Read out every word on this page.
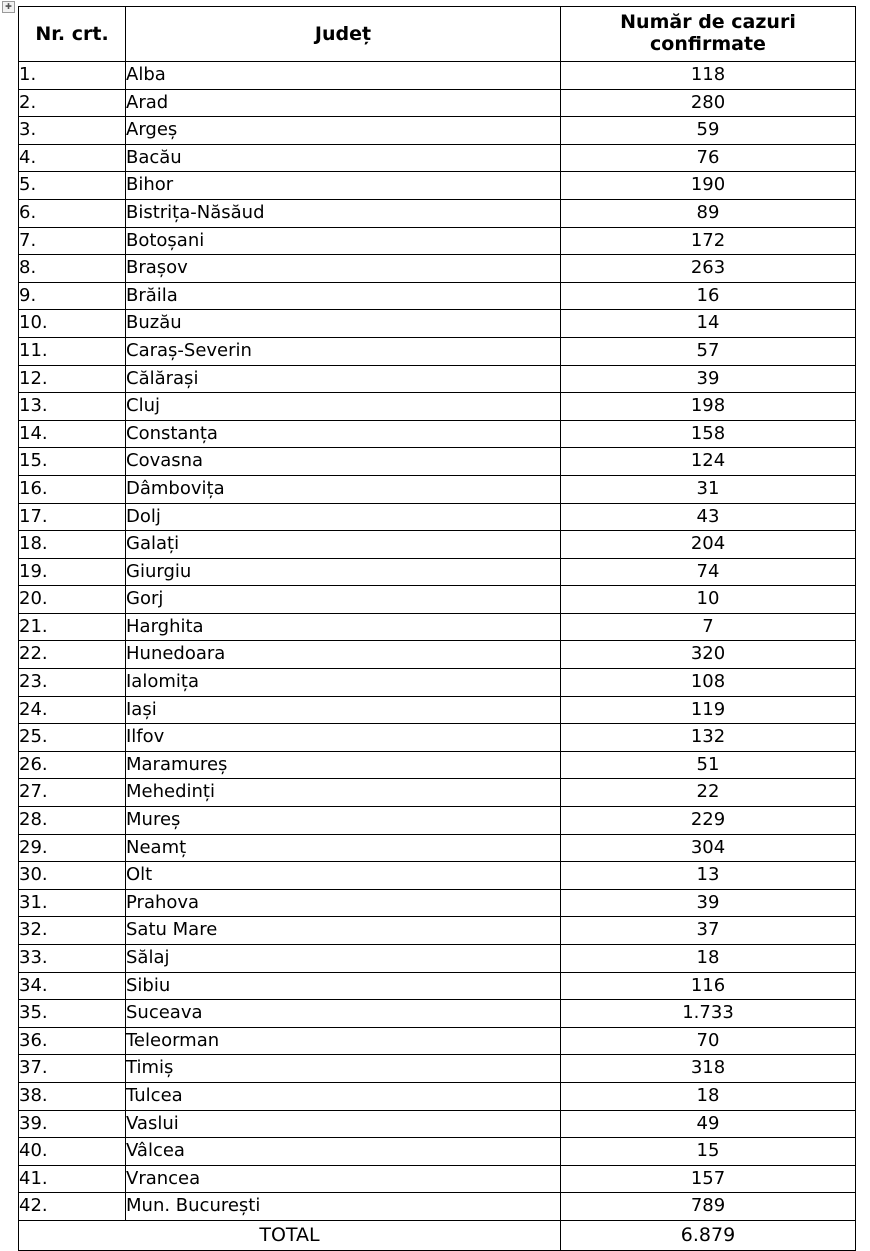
✚
Nr. crt.	Județ	Număr de cazuri
confirmate
1.	Alba	118
2.	Arad	280
3.	Argeș	59
4.	Bacău	76
5.	Bihor	190
6.	Bistrița-Năsăud	89
7.	Botoșani	172
8.	Brașov	263
9.	Brăila	16
10.	Buzău	14
11.	Caraș-Severin	57
12.	Călărași	39
13.	Cluj	198
14.	Constanța	158
15.	Covasna	124
16.	Dâmbovița	31
17.	Dolj	43
18.	Galați	204
19.	Giurgiu	74
20.	Gorj	10
21.	Harghita	7
22.	Hunedoara	320
23.	Ialomița	108
24.	Iași	119
25.	Ilfov	132
26.	Maramureș	51
27.	Mehedinți	22
28.	Mureș	229
29.	Neamț	304
30.	Olt	13
31.	Prahova	39
32.	Satu Mare	37
33.	Sălaj	18
34.	Sibiu	116
35.	Suceava	1.733
36.	Teleorman	70
37.	Timiș	318
38.	Tulcea	18
39.	Vaslui	49
40.	Vâlcea	15
41.	Vrancea	157
42.	Mun. București	789
TOTAL		6.879
